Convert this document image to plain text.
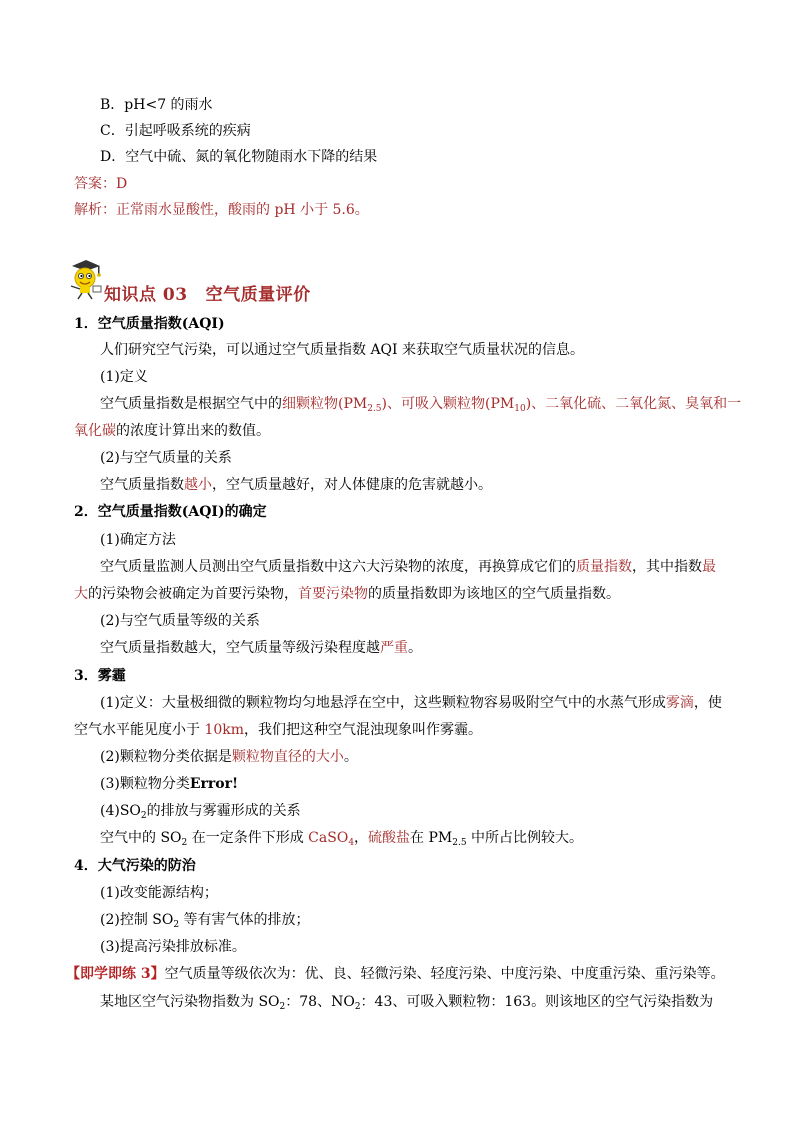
B．pH<7 的雨水
C．引起呼吸系统的疾病
D．空气中硫、氮的氧化物随雨水下降的结果
答案：D
解析：正常雨水显酸性，酸雨的 pH 小于 5.6。
知识点 03 空气质量评价
1．空气质量指数(AQI)
人们研究空气污染，可以通过空气质量指数 AQI 来获取空气质量状况的信息。
(1)定义
空气质量指数是根据空气中的细颗粒物$(PM_{2.5})$、可吸入颗粒物$(PM_{10})$、二氧化硫、二氧化氮、臭氧和一
氧化碳的浓度计算出来的数值。
(2)与空气质量的关系
空气质量指数越小，空气质量越好，对人体健康的危害就越小。
2．空气质量指数(AQI)的确定
(1)确定方法
空气质量监测人员测出空气质量指数中这六大污染物的浓度，再换算成它们的质量指数，其中指数最
大的污染物会被确定为首要污染物，首要污染物的质量指数即为该地区的空气质量指数。
(2)与空气质量等级的关系
空气质量指数越大，空气质量等级污染程度越严重。
3．雾霾
(1)定义：大量极细微的颗粒物均匀地悬浮在空中，这些颗粒物容易吸附空气中的水蒸气形成雾滴，使
空气水平能见度小于 10km，我们把这种空气混浊现象叫作雾霾。
(2)颗粒物分类依据是颗粒物直径的大小。
(3)颗粒物分类Error!
$(4)SO_2$的排放与雾霾形成的关系
空气中的 $SO_2$ 在一定条件下形成 CaSO$_4$，硫酸盐在 $PM_{2.5}$ 中所占比例较大。
4．大气污染的防治
(1)改变能源结构；
(2)控制 $SO_2$ 等有害气体的排放；
(3)提高污染排放标准。
【即学即练 3】空气质量等级依次为：优、良、轻微污染、轻度污染、中度污染、中度重污染、重污染等。
某地区空气污染物指数为 $SO_2$：78、$NO_2$：43、可吸入颗粒物：163。则该地区的空气污染指数为
